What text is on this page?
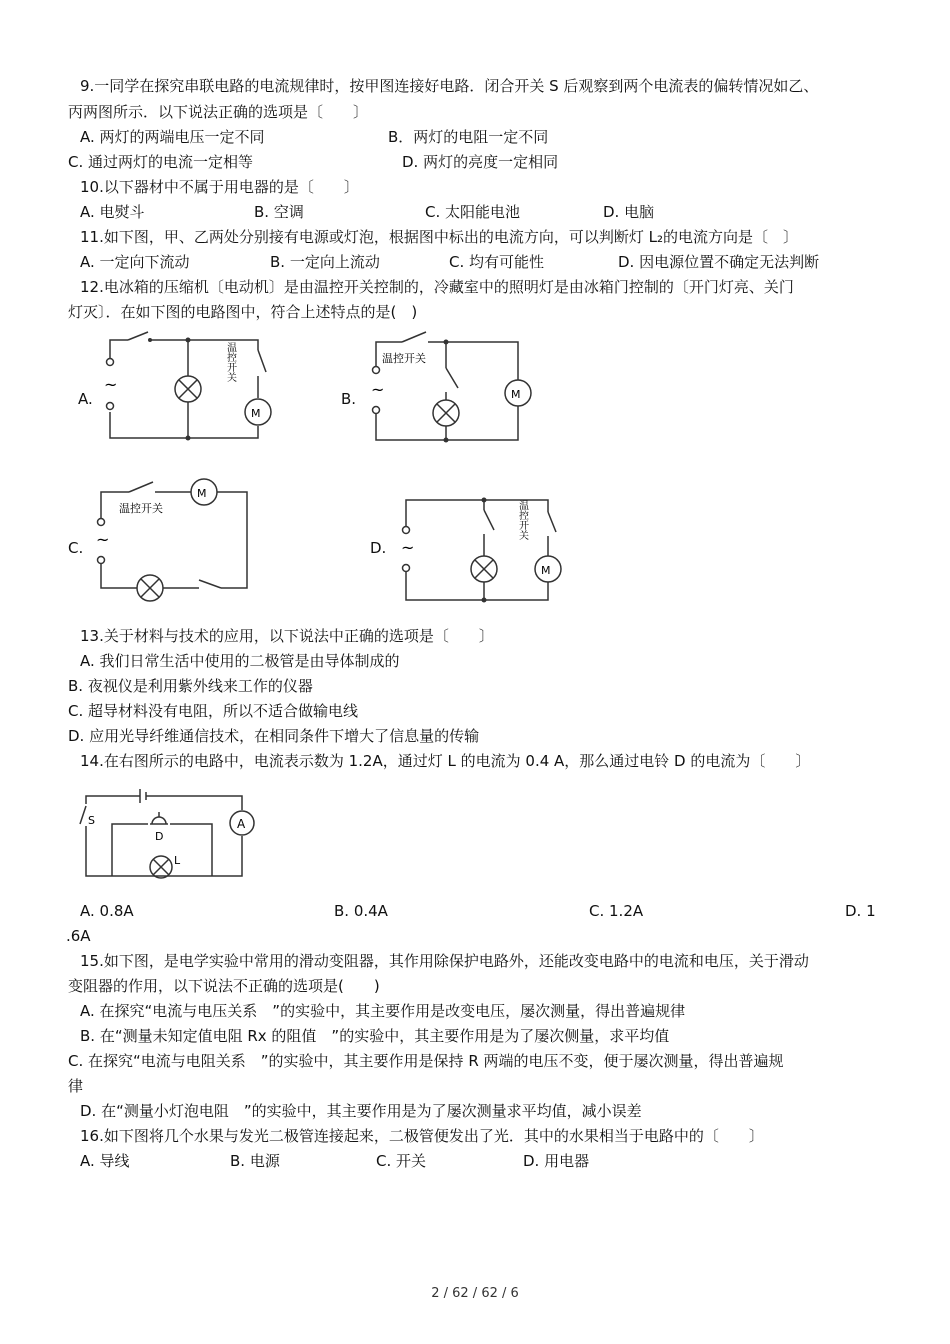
9.一同学在探究串联电路的电流规律时，按甲图连接好电路．闭合开关 S 后观察到两个电流表的偏转情况如乙、
丙两图所示．以下说法正确的选项是〔　　〕
A. 两灯的两端电压一定不同	B．两灯的电阻一定不同
C. 通过两灯的电流一定相等	D. 两灯的亮度一定相同
10.以下器材中不属于用电器的是〔　　〕
A. 电熨斗	B. 空调	C. 太阳能电池	D. 电脑
11.如下图，甲、乙两处分别接有电源或灯泡，根据图中标出的电流方向，可以判断灯 L₂的电流方向是〔　〕
A. 一定向下流动	B. 一定向上流动	C. 均有可能性	D. 因电源位置不确定无法判断
12.电冰箱的压缩机〔电动机〕是由温控开关控制的，冷藏室中的照明灯是由冰箱门控制的〔开门灯亮、关门
灯灭〕．在如下图的电路图中，符合上述特点的是(　)
A.	B.
C.	D.
~
M
温控开关
~	M
温控开关
~
M
温控开关
~
M
温控开关
13.关于材料与技术的应用，以下说法中正确的选项是〔　　〕
A. 我们日常生活中使用的二极管是由导体制成的
B. 夜视仪是利用紫外线来工作的仪器
C. 超导材料没有电阻，所以不适合做输电线
D. 应用光导纤维通信技术，在相同条件下增大了信息量的传输
14.在右图所示的电路中，电流表示数为 1.2A，通过灯 L 的电流为 0.4 A，那么通过电铃 D 的电流为〔　　〕
S
D
L
A
A. 0.8A	B. 0.4A	C. 1.2A	D. 1
.6A
15.如下图，是电学实验中常用的滑动变阻器，其作用除保护电路外，还能改变电路中的电流和电压，关于滑动
变阻器的作用，以下说法不正确的选项是(　　)
A. 在探究“电流与电压关系　”的实验中，其主要作用是改变电压，屡次测量，得出普遍规律
B. 在“测量未知定值电阻 Rx 的阻值　”的实验中，其主要作用是为了屡次侧量，求平均值
C. 在探究“电流与电阻关系　”的实验中，其主要作用是保持 R 两端的电压不变，便于屡次测量，得出普遍规
律
D. 在“测量小灯泡电阻　”的实验中，其主要作用是为了屡次测量求平均值，减小误差
16.如下图将几个水果与发光二极管连接起来，二极管便发出了光．其中的水果相当于电路中的〔　　〕
A. 导线	B. 电源	C. 开关	D. 用电器
2 / 62 / 62 / 6
